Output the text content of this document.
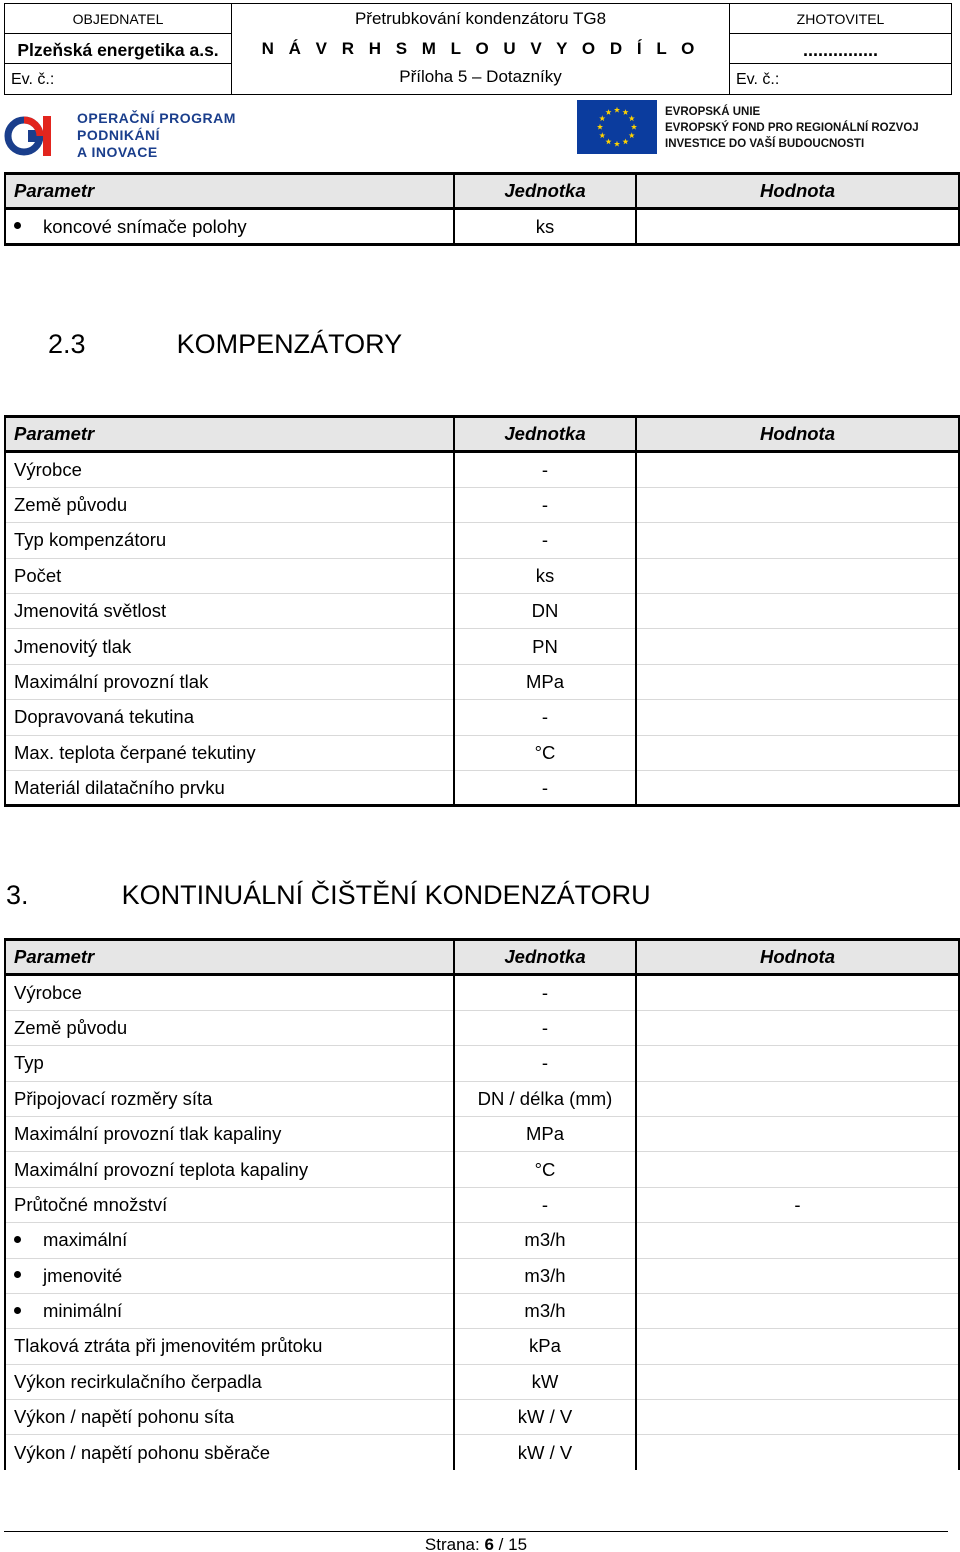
OBJEDNATEL
Plzeňská energetika a.s.
Ev. č.:
Přetrubkování kondenzátoru TG8
N Á V R H S M L O U V Y O D Í L O
Příloha 5 – Dotazníky
ZHOTOVITEL
...............
Ev. č.:
OPERAČNÍ PROGRAM
PODNIKÁNÍ
A INOVACE
EVROPSKÁ UNIE
EVROPSKÝ FOND PRO REGIONÁLNÍ ROZVOJ
INVESTICE DO VAŠÍ BUDOUCNOSTI
Parametr	Jednotka	Hodnota
koncové snímače polohy	ks	
2.3	KOMPENZÁTORY
Parametr	Jednotka	Hodnota
Výrobce	-	
Země původu	-	
Typ kompenzátoru	-	
Počet	ks	
Jmenovitá světlost	DN	
Jmenovitý tlak	PN	
Maximální provozní tlak	MPa	
Dopravovaná tekutina	-	
Max. teplota čerpané tekutiny	°C	
Materiál dilatačního prvku	-	
3.	KONTINUÁLNÍ ČIŠTĚNÍ KONDENZÁTORU
Parametr	Jednotka	Hodnota
Výrobce	-	
Země původu	-	
Typ	-	
Připojovací rozměry síta	DN / délka (mm)	
Maximální provozní tlak kapaliny	MPa	
Maximální provozní teplota kapaliny	°C	
Průtočné množství	-	-
maximální	m3/h	
jmenovité	m3/h	
minimální	m3/h	
Tlaková ztráta při jmenovitém průtoku	kPa	
Výkon recirkulačního čerpadla	kW	
Výkon / napětí pohonu síta	kW / V	
Výkon / napětí pohonu sběrače	kW / V	
Strana: 6 / 15
